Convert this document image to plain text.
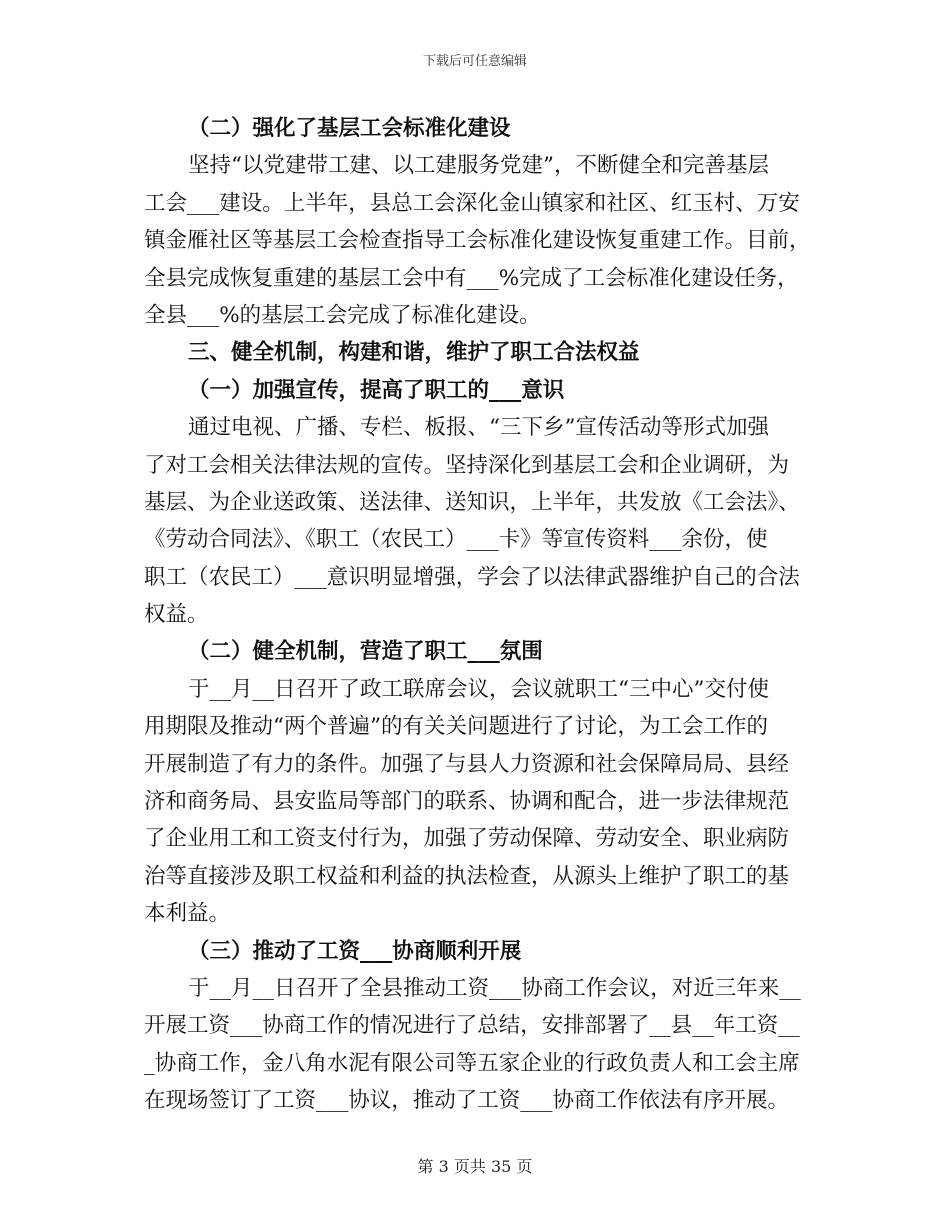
下载后可任意编辑
（二）强化了基层工会标准化建设
坚持“以党建带工建、以工建服务党建”，不断健全和完善基层
工会___建设。上半年，县总工会深化金山镇家和社区、红玉村、万安
镇金雁社区等基层工会检查指导工会标准化建设恢复重建工作。目前，
全县完成恢复重建的基层工会中有___%完成了工会标准化建设任务，
全县___%的基层工会完成了标准化建设。
三、健全机制，构建和谐，维护了职工合法权益
（一）加强宣传，提高了职工的___意识
通过电视、广播、专栏、板报、“三下乡”宣传活动等形式加强
了对工会相关法律法规的宣传。坚持深化到基层工会和企业调研，为
基层、为企业送政策、送法律、送知识，上半年，共发放《工会法》、
《劳动合同法》、《职工（农民工）___卡》等宣传资料___余份，使
职工（农民工）___意识明显增强，学会了以法律武器维护自己的合法
权益。
（二）健全机制，营造了职工___氛围
于__月__日召开了政工联席会议，会议就职工“三中心”交付使
用期限及推动“两个普遍”的有关关问题进行了讨论，为工会工作的
开展制造了有力的条件。加强了与县人力资源和社会保障局局、县经
济和商务局、县安监局等部门的联系、协调和配合，进一步法律规范
了企业用工和工资支付行为，加强了劳动保障、劳动安全、职业病防
治等直接涉及职工权益和利益的执法检查，从源头上维护了职工的基
本利益。
（三）推动了工资___协商顺利开展
于__月__日召开了全县推动工资___协商工作会议，对近三年来__
开展工资___协商工作的情况进行了总结，安排部署了__县__年工资__
_协商工作，金八角水泥有限公司等五家企业的行政负责人和工会主席
在现场签订了工资___协议，推动了工资___协商工作依法有序开展。
第 3 页共 35 页
